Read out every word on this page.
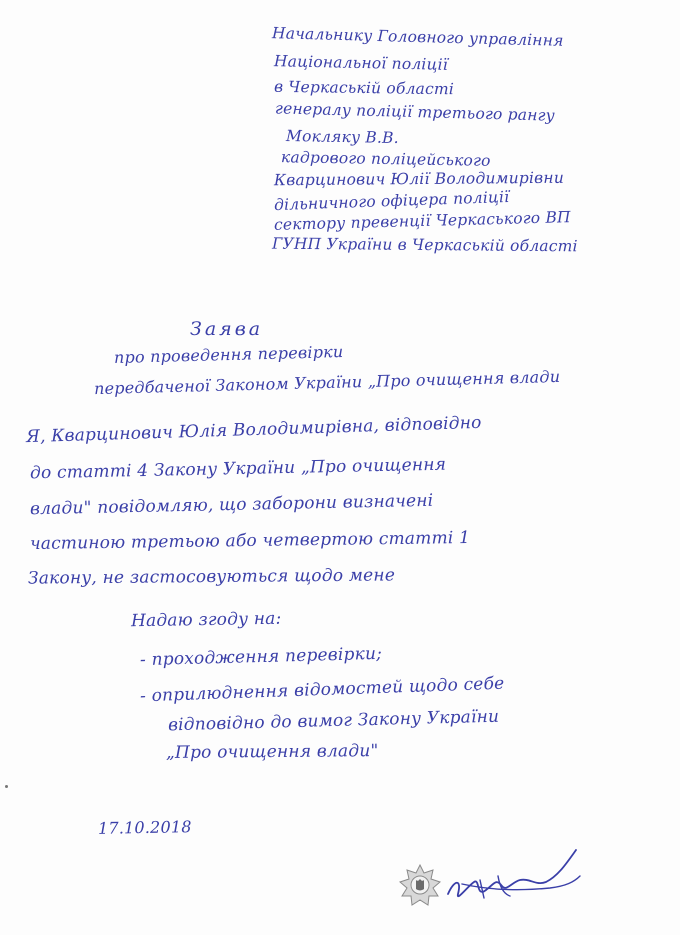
Начальнику Головного управління
Національної поліції
в Черкаській області
генералу поліції третього рангу
Мокляку В.В.
кадрового поліцейського
Кварцинович Юлії Володимирівни
дільничного офіцера поліції
сектору превенції Черкаського ВП
ГУНП України в Черкаській області
Заява
про проведення перевірки
передбаченої Законом України „Про очищення влади
Я, Кварцинович Юлія Володимирівна, відповідно
до статті 4 Закону України „Про очищення
влади" повідомляю, що заборони визначені
частиною третьою або четвертою статті 1
Закону, не застосовуються щодо мене
Надаю згоду на:
- проходження перевірки;
- оприлюднення відомостей щодо себе
відповідно до вимог Закону України
„Про очищення влади"
17.10.2018
